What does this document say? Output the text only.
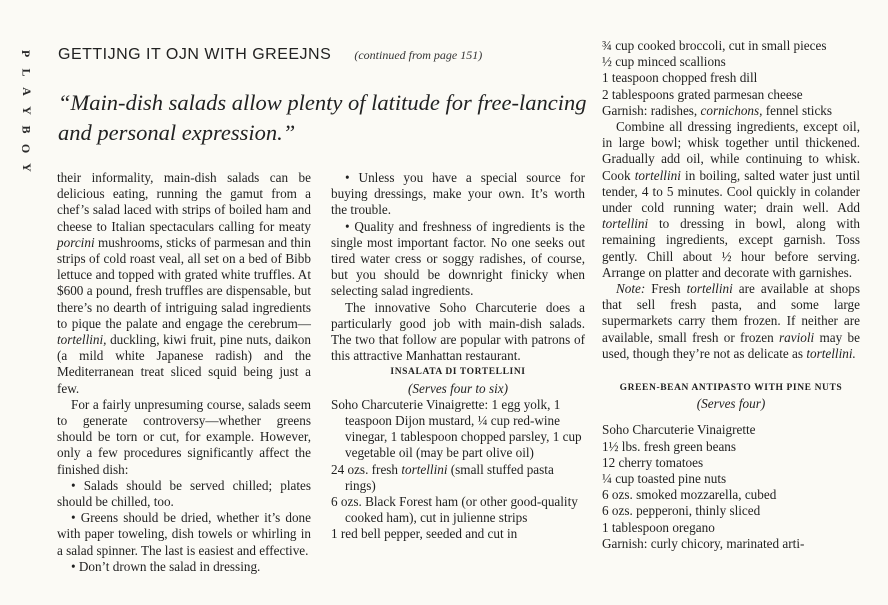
P
L
A
Y
B
O
Y
GETTIJNG IT OJN WITH GREEJNS (continued from page 151)
“Main-dish salads allow plenty of latitude for free-lancing and personal expression.”

their informality, main-dish salads can be delicious eating, running the gamut from a chef’s salad laced with strips of boiled ham and cheese to Italian spectaculars calling for meaty porcini mushrooms, sticks of parmesan and thin strips of cold roast veal, all set on a bed of Bibb lettuce and topped with grated white truffles. At $600 a pound, fresh truffles are dispensable, but there’s no dearth of intriguing salad ingredients to pique the palate and engage the cerebrum—tortellini, duckling, kiwi fruit, pine nuts, daikon (a mild white Japanese radish) and the Mediterranean treat sliced squid being just a few.

For a fairly unpresuming course, salads seem to generate controversy—whether greens should be torn or cut, for example. However, only a few procedures significantly affect the finished dish:

• Salads should be served chilled; plates should be chilled, too.

• Greens should be dried, whether it’s done with paper toweling, dish towels or whirling in a salad spinner. The last is easiest and effective.

• Don’t drown the salad in dressing.

• Unless you have a special source for buying dressings, make your own. It’s worth the trouble.

• Quality and freshness of ingredients is the single most important factor. No one seeks out tired water cress or soggy radishes, of course, but you should be downright finicky when selecting salad ingredients.

The innovative Soho Charcuterie does a particularly good job with main-dish salads. The two that follow are popular with patrons of this attractive Manhattan restaurant.

INSALATA DI TORTELLINI

(Serves four to six)

Soho Charcuterie Vinaigrette: 1 egg yolk, 1 teaspoon Dijon mustard, ¼ cup red-wine vinegar, 1 tablespoon chopped parsley, 1 cup vegetable oil (may be part olive oil)
24 ozs. fresh tortellini (small stuffed pasta rings)
6 ozs. Black Forest ham (or other good-quality cooked ham), cut in julienne strips
1 red bell pepper, seeded and cut in
¾ cup cooked broccoli, cut in small pieces
½ cup minced scallions
1 teaspoon chopped fresh dill
2 tablespoons grated parmesan cheese
Garnish: radishes, cornichons, fennel sticks

Combine all dressing ingredients, except oil, in large bowl; whisk together until thickened. Gradually add oil, while continuing to whisk. Cook tortellini in boiling, salted water just until tender, 4 to 5 minutes. Cool quickly in colander under cold running water; drain well. Add tortellini to dressing in bowl, along with remaining ingredients, except garnish. Toss gently. Chill about ½ hour before serving. Arrange on platter and decorate with garnishes.

Note: Fresh tortellini are available at shops that sell fresh pasta, and some large supermarkets carry them frozen. If neither are available, small fresh or frozen ravioli may be used, though they’re not as delicate as tortellini.

GREEN-BEAN ANTIPASTO WITH PINE NUTS

(Serves four)

Soho Charcuterie Vinaigrette
1½ lbs. fresh green beans
12 cherry tomatoes
¼ cup toasted pine nuts
6 ozs. smoked mozzarella, cubed
6 ozs. pepperoni, thinly sliced
1 tablespoon oregano
Garnish: curly chicory, marinated arti-
